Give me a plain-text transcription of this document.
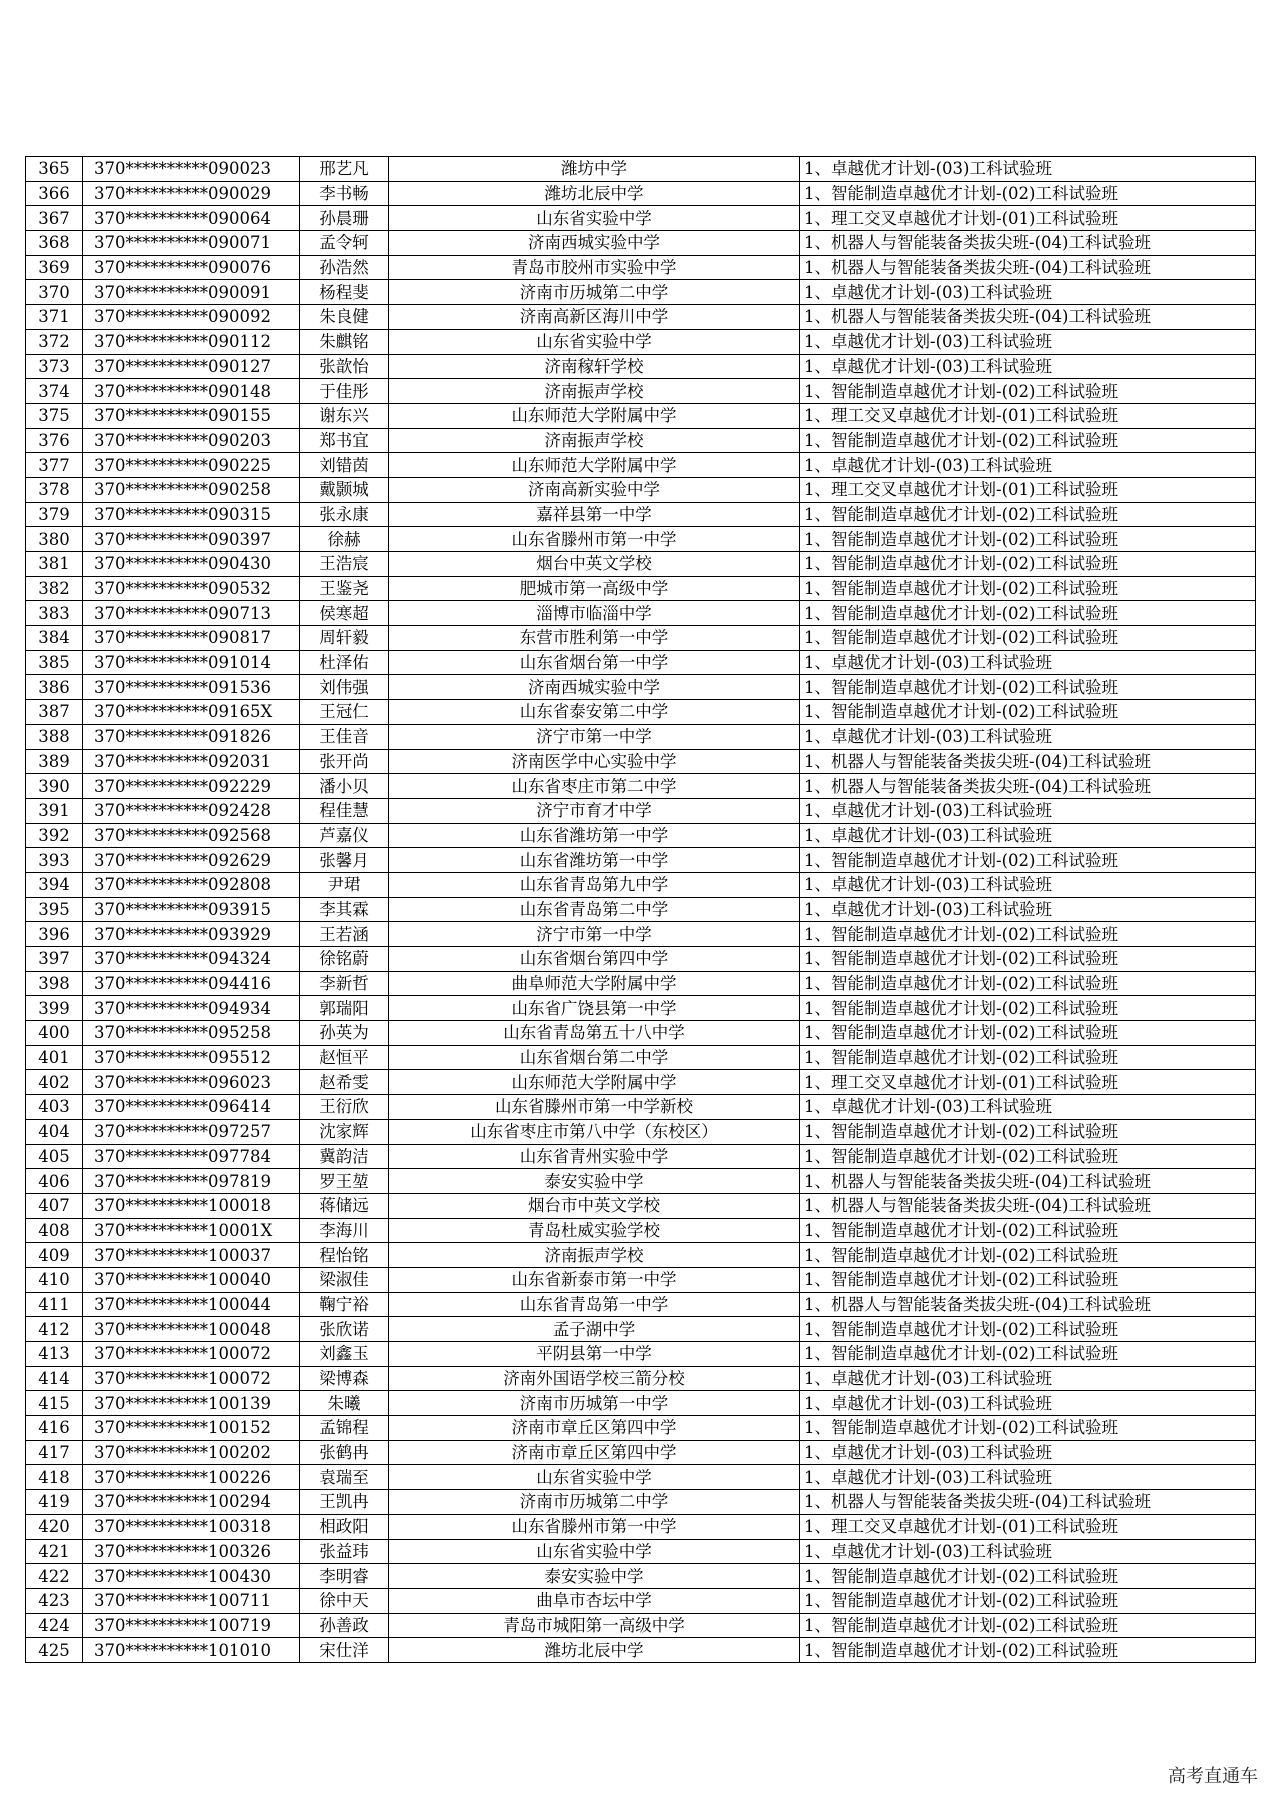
365	370**********090023	邢艺凡	潍坊中学	1、卓越优才计划-(03)工科试验班
366	370**********090029	李书畅	潍坊北辰中学	1、智能制造卓越优才计划-(02)工科试验班
367	370**********090064	孙晨珊	山东省实验中学	1、理工交叉卓越优才计划-(01)工科试验班
368	370**********090071	孟令轲	济南西城实验中学	1、机器人与智能装备类拔尖班-(04)工科试验班
369	370**********090076	孙浩然	青岛市胶州市实验中学	1、机器人与智能装备类拔尖班-(04)工科试验班
370	370**********090091	杨程斐	济南市历城第二中学	1、卓越优才计划-(03)工科试验班
371	370**********090092	朱良健	济南高新区海川中学	1、机器人与智能装备类拔尖班-(04)工科试验班
372	370**********090112	朱麒铭	山东省实验中学	1、卓越优才计划-(03)工科试验班
373	370**********090127	张歆怡	济南稼轩学校	1、卓越优才计划-(03)工科试验班
374	370**********090148	于佳彤	济南振声学校	1、智能制造卓越优才计划-(02)工科试验班
375	370**********090155	谢东兴	山东师范大学附属中学	1、理工交叉卓越优才计划-(01)工科试验班
376	370**********090203	郑书宜	济南振声学校	1、智能制造卓越优才计划-(02)工科试验班
377	370**********090225	刘错茵	山东师范大学附属中学	1、卓越优才计划-(03)工科试验班
378	370**********090258	戴颢城	济南高新实验中学	1、理工交叉卓越优才计划-(01)工科试验班
379	370**********090315	张永康	嘉祥县第一中学	1、智能制造卓越优才计划-(02)工科试验班
380	370**********090397	徐赫	山东省滕州市第一中学	1、智能制造卓越优才计划-(02)工科试验班
381	370**********090430	王浩宸	烟台中英文学校	1、智能制造卓越优才计划-(02)工科试验班
382	370**********090532	王鉴尧	肥城市第一高级中学	1、智能制造卓越优才计划-(02)工科试验班
383	370**********090713	侯寒超	淄博市临淄中学	1、智能制造卓越优才计划-(02)工科试验班
384	370**********090817	周轩毅	东营市胜利第一中学	1、智能制造卓越优才计划-(02)工科试验班
385	370**********091014	杜泽佑	山东省烟台第一中学	1、卓越优才计划-(03)工科试验班
386	370**********091536	刘伟强	济南西城实验中学	1、智能制造卓越优才计划-(02)工科试验班
387	370**********09165X	王冠仁	山东省泰安第二中学	1、智能制造卓越优才计划-(02)工科试验班
388	370**********091826	王佳音	济宁市第一中学	1、卓越优才计划-(03)工科试验班
389	370**********092031	张开尚	济南医学中心实验中学	1、机器人与智能装备类拔尖班-(04)工科试验班
390	370**********092229	潘小贝	山东省枣庄市第二中学	1、机器人与智能装备类拔尖班-(04)工科试验班
391	370**********092428	程佳慧	济宁市育才中学	1、卓越优才计划-(03)工科试验班
392	370**********092568	芦嘉仪	山东省潍坊第一中学	1、卓越优才计划-(03)工科试验班
393	370**********092629	张馨月	山东省潍坊第一中学	1、智能制造卓越优才计划-(02)工科试验班
394	370**********092808	尹珺	山东省青岛第九中学	1、卓越优才计划-(03)工科试验班
395	370**********093915	李其霖	山东省青岛第二中学	1、卓越优才计划-(03)工科试验班
396	370**********093929	王若涵	济宁市第一中学	1、智能制造卓越优才计划-(02)工科试验班
397	370**********094324	徐铭蔚	山东省烟台第四中学	1、智能制造卓越优才计划-(02)工科试验班
398	370**********094416	李新哲	曲阜师范大学附属中学	1、智能制造卓越优才计划-(02)工科试验班
399	370**********094934	郭瑞阳	山东省广饶县第一中学	1、智能制造卓越优才计划-(02)工科试验班
400	370**********095258	孙英为	山东省青岛第五十八中学	1、智能制造卓越优才计划-(02)工科试验班
401	370**********095512	赵恒平	山东省烟台第二中学	1、智能制造卓越优才计划-(02)工科试验班
402	370**********096023	赵希雯	山东师范大学附属中学	1、理工交叉卓越优才计划-(01)工科试验班
403	370**********096414	王衍欣	山东省滕州市第一中学新校	1、卓越优才计划-(03)工科试验班
404	370**********097257	沈家辉	山东省枣庄市第八中学（东校区）	1、智能制造卓越优才计划-(02)工科试验班
405	370**********097784	冀韵洁	山东省青州实验中学	1、智能制造卓越优才计划-(02)工科试验班
406	370**********097819	罗王堃	泰安实验中学	1、机器人与智能装备类拔尖班-(04)工科试验班
407	370**********100018	蒋储远	烟台市中英文学校	1、机器人与智能装备类拔尖班-(04)工科试验班
408	370**********10001X	李海川	青岛杜威实验学校	1、智能制造卓越优才计划-(02)工科试验班
409	370**********100037	程怡铭	济南振声学校	1、智能制造卓越优才计划-(02)工科试验班
410	370**********100040	梁淑佳	山东省新泰市第一中学	1、智能制造卓越优才计划-(02)工科试验班
411	370**********100044	鞠宁裕	山东省青岛第一中学	1、机器人与智能装备类拔尖班-(04)工科试验班
412	370**********100048	张欣诺	孟子湖中学	1、智能制造卓越优才计划-(02)工科试验班
413	370**********100072	刘鑫玉	平阴县第一中学	1、智能制造卓越优才计划-(02)工科试验班
414	370**********100072	梁博森	济南外国语学校三箭分校	1、卓越优才计划-(03)工科试验班
415	370**********100139	朱曦	济南市历城第一中学	1、卓越优才计划-(03)工科试验班
416	370**********100152	孟锦程	济南市章丘区第四中学	1、智能制造卓越优才计划-(02)工科试验班
417	370**********100202	张鹤冉	济南市章丘区第四中学	1、卓越优才计划-(03)工科试验班
418	370**********100226	袁瑞至	山东省实验中学	1、卓越优才计划-(03)工科试验班
419	370**********100294	王凯冉	济南市历城第二中学	1、机器人与智能装备类拔尖班-(04)工科试验班
420	370**********100318	相政阳	山东省滕州市第一中学	1、理工交叉卓越优才计划-(01)工科试验班
421	370**********100326	张益玮	山东省实验中学	1、卓越优才计划-(03)工科试验班
422	370**********100430	李明睿	泰安实验中学	1、智能制造卓越优才计划-(02)工科试验班
423	370**********100711	徐中天	曲阜市杏坛中学	1、智能制造卓越优才计划-(02)工科试验班
424	370**********100719	孙善政	青岛市城阳第一高级中学	1、智能制造卓越优才计划-(02)工科试验班
425	370**********101010	宋仕洋	潍坊北辰中学	1、智能制造卓越优才计划-(02)工科试验班
高考直通车
